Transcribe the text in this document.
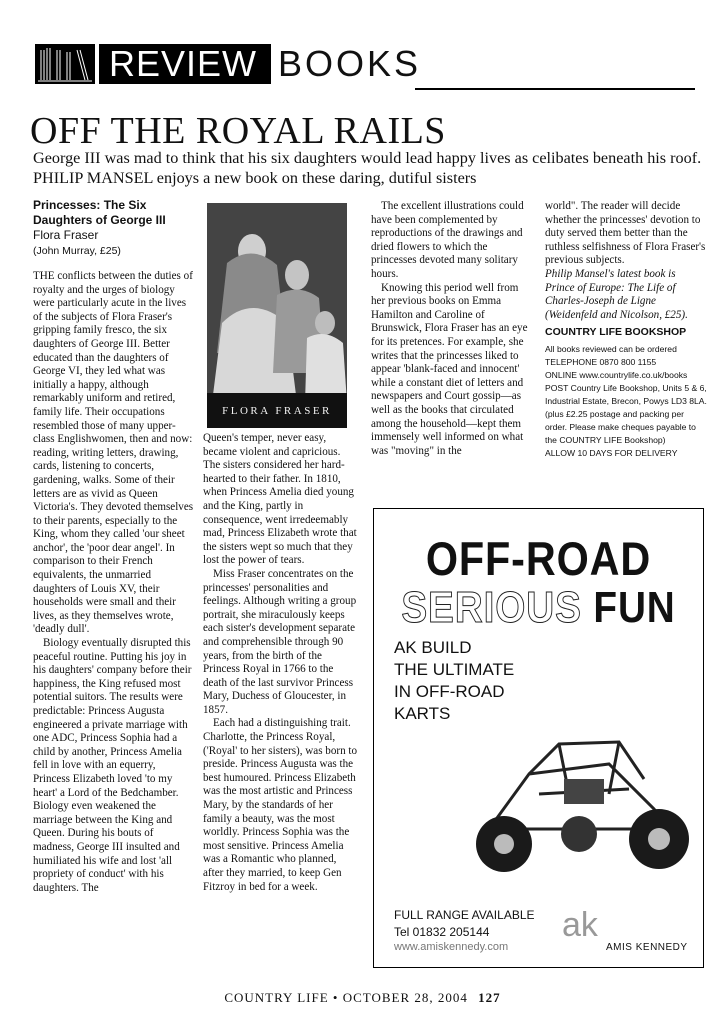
REVIEW BOOKS
OFF THE ROYAL RAILS
George III was mad to think that his six daughters would lead happy lives as celibates beneath his roof. PHILIP MANSEL enjoys a new book on these daring, dutiful sisters
Princesses: The Six Daughters of George III
Flora Fraser
(John Murray, £25)

THE conflicts between the duties of royalty and the urges of biology were particularly acute in the lives of the subjects of Flora Fraser's gripping family fresco, the six daughters of George III. Better educated than the daughters of George VI, they led what was initially a happy, although remarkably uniform and retired, family life. Their occupations resembled those of many upper-class Englishwomen, then and now: reading, writing letters, drawing, cards, listening to concerts, gardening, walks. Some of their letters are as vivid as Queen Victoria's. They devoted themselves to their parents, especially to the King, whom they called 'our sheet anchor', the 'poor dear angel'. In comparison to their French equivalents, the unmarried daughters of Louis XV, their households were small and their lives, as they themselves wrote, 'deadly dull'.

Biology eventually disrupted this peaceful routine. Putting his joy in his daughters' company before their happiness, the King refused most potential suitors. The results were predictable: Princess Augusta engineered a private marriage with one ADC, Princess Sophia had a child by another, Princess Amelia fell in love with an equerry, Princess Elizabeth loved 'to my heart' a Lord of the Bedchamber. Biology even weakened the marriage between the King and Queen. During his bouts of madness, George III insulted and humiliated his wife and lost 'all propriety of conduct' with his daughters. The

FLORA FRASER

Queen's temper, never easy, became violent and capricious. The sisters considered her hard-hearted to their father. In 1810, when Princess Amelia died young and the King, partly in consequence, went irredeemably mad, Princess Elizabeth wrote that the sisters wept so much that they lost the power of tears.

Miss Fraser concentrates on the princesses' personalities and feelings. Although writing a group portrait, she miraculously keeps each sister's development separate and comprehensible through 90 years, from the birth of the Princess Royal in 1766 to the death of the last survivor Princess Mary, Duchess of Gloucester, in 1857.

Each had a distinguishing trait. Charlotte, the Princess Royal, ('Royal' to her sisters), was born to preside. Princess Augusta was the best humoured. Princess Elizabeth was the most artistic and Princess Mary, by the standards of her family a beauty, was the most worldly. Princess Sophia was the most sensitive. Princess Amelia was a Romantic who planned, after they married, to keep Gen Fitzroy in bed for a week.

The excellent illustrations could have been complemented by reproductions of the drawings and dried flowers to which the princesses devoted many solitary hours.

Knowing this period well from her previous books on Emma Hamilton and Caroline of Brunswick, Flora Fraser has an eye for its pretences. For example, she writes that the princesses liked to appear 'blank-faced and innocent' while a constant diet of letters and newspapers and Court gossip—as well as the books that circulated among the household—kept them immensely well informed on what was "moving" in the

world". The reader will decide whether the princesses' devotion to duty served them better than the ruthless selfishness of Flora Fraser's previous subjects.

Philip Mansel's latest book is Prince of Europe: The Life of Charles-Joseph de Ligne (Weidenfeld and Nicolson, £25).

COUNTRY LIFE BOOKSHOP
All books reviewed can be ordered
TELEPHONE 0870 800 1155
ONLINE www.countrylife.co.uk/books
POST Country Life Bookshop, Units 5 & 6,
Industrial Estate, Brecon, Powys LD3 8LA.
(plus £2.25 postage and packing per
order. Please make cheques payable to
the COUNTRY LIFE Bookshop)
ALLOW 10 DAYS FOR DELIVERY
OFF-ROAD
SERIOUS FUN
AK BUILD
THE ULTIMATE
IN OFF-ROAD
KARTS
FULL RANGE AVAILABLE
Tel 01832 205144
www.amiskennedy.com
ak
AMIS KENNEDY
COUNTRY LIFE • OCTOBER 28, 2004 127
